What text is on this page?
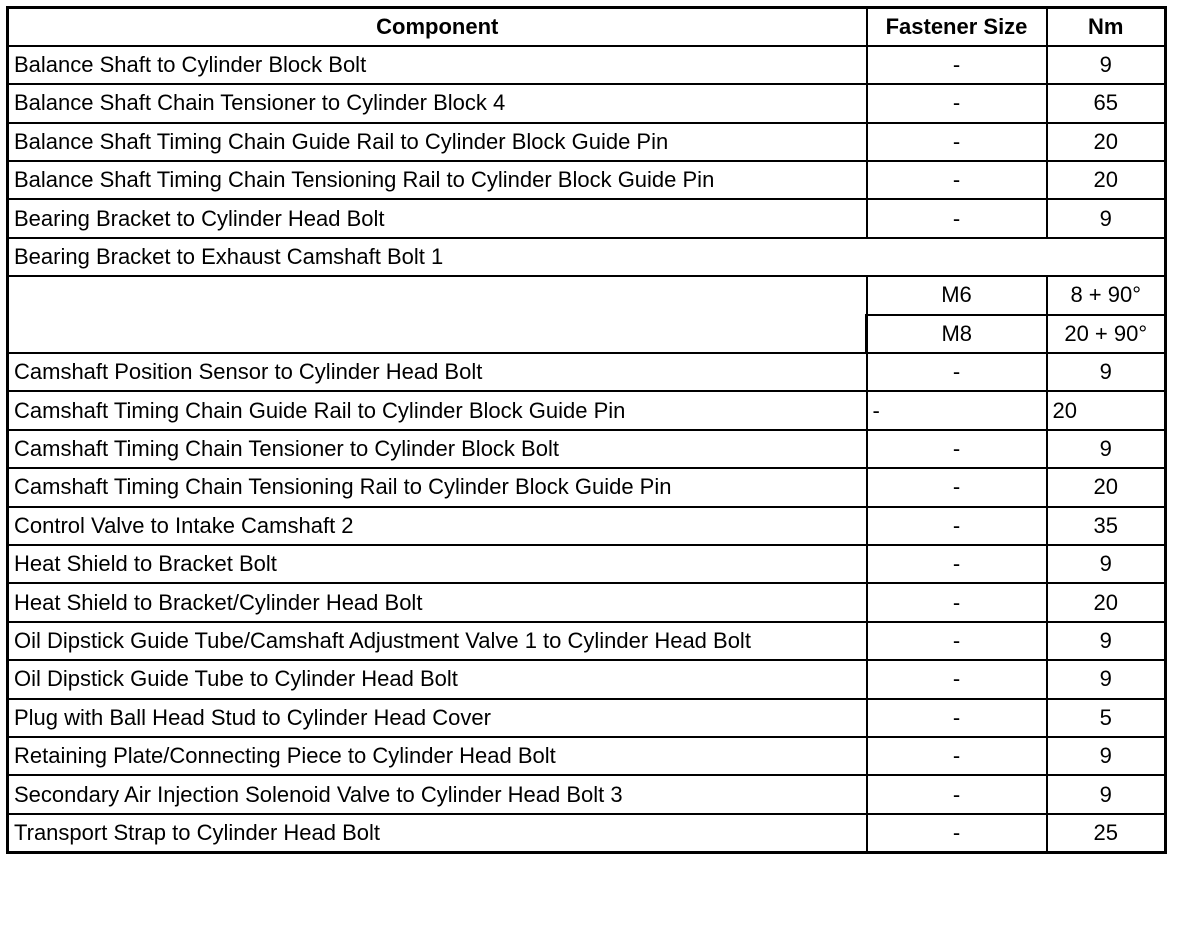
Component	Fastener Size	Nm
Balance Shaft to Cylinder Block Bolt	-	9
Balance Shaft Chain Tensioner to Cylinder Block 4	-	65
Balance Shaft Timing Chain Guide Rail to Cylinder Block Guide Pin	-	20
Balance Shaft Timing Chain Tensioning Rail to Cylinder Block Guide Pin	-	20
Bearing Bracket to Cylinder Head Bolt	-	9
Bearing Bracket to Exhaust Camshaft Bolt 1		
	M6	8 + 90°
	M8	20 + 90°
Camshaft Position Sensor to Cylinder Head Bolt	-	9
Camshaft Timing Chain Guide Rail to Cylinder Block Guide Pin	-	20
Camshaft Timing Chain Tensioner to Cylinder Block Bolt	-	9
Camshaft Timing Chain Tensioning Rail to Cylinder Block Guide Pin	-	20
Control Valve to Intake Camshaft 2	-	35
Heat Shield to Bracket Bolt	-	9
Heat Shield to Bracket/Cylinder Head Bolt	-	20
Oil Dipstick Guide Tube/Camshaft Adjustment Valve 1 to Cylinder Head Bolt	-	9
Oil Dipstick Guide Tube to Cylinder Head Bolt	-	9
Plug with Ball Head Stud to Cylinder Head Cover	-	5
Retaining Plate/Connecting Piece to Cylinder Head Bolt	-	9
Secondary Air Injection Solenoid Valve to Cylinder Head Bolt 3	-	9
Transport Strap to Cylinder Head Bolt	-	25
